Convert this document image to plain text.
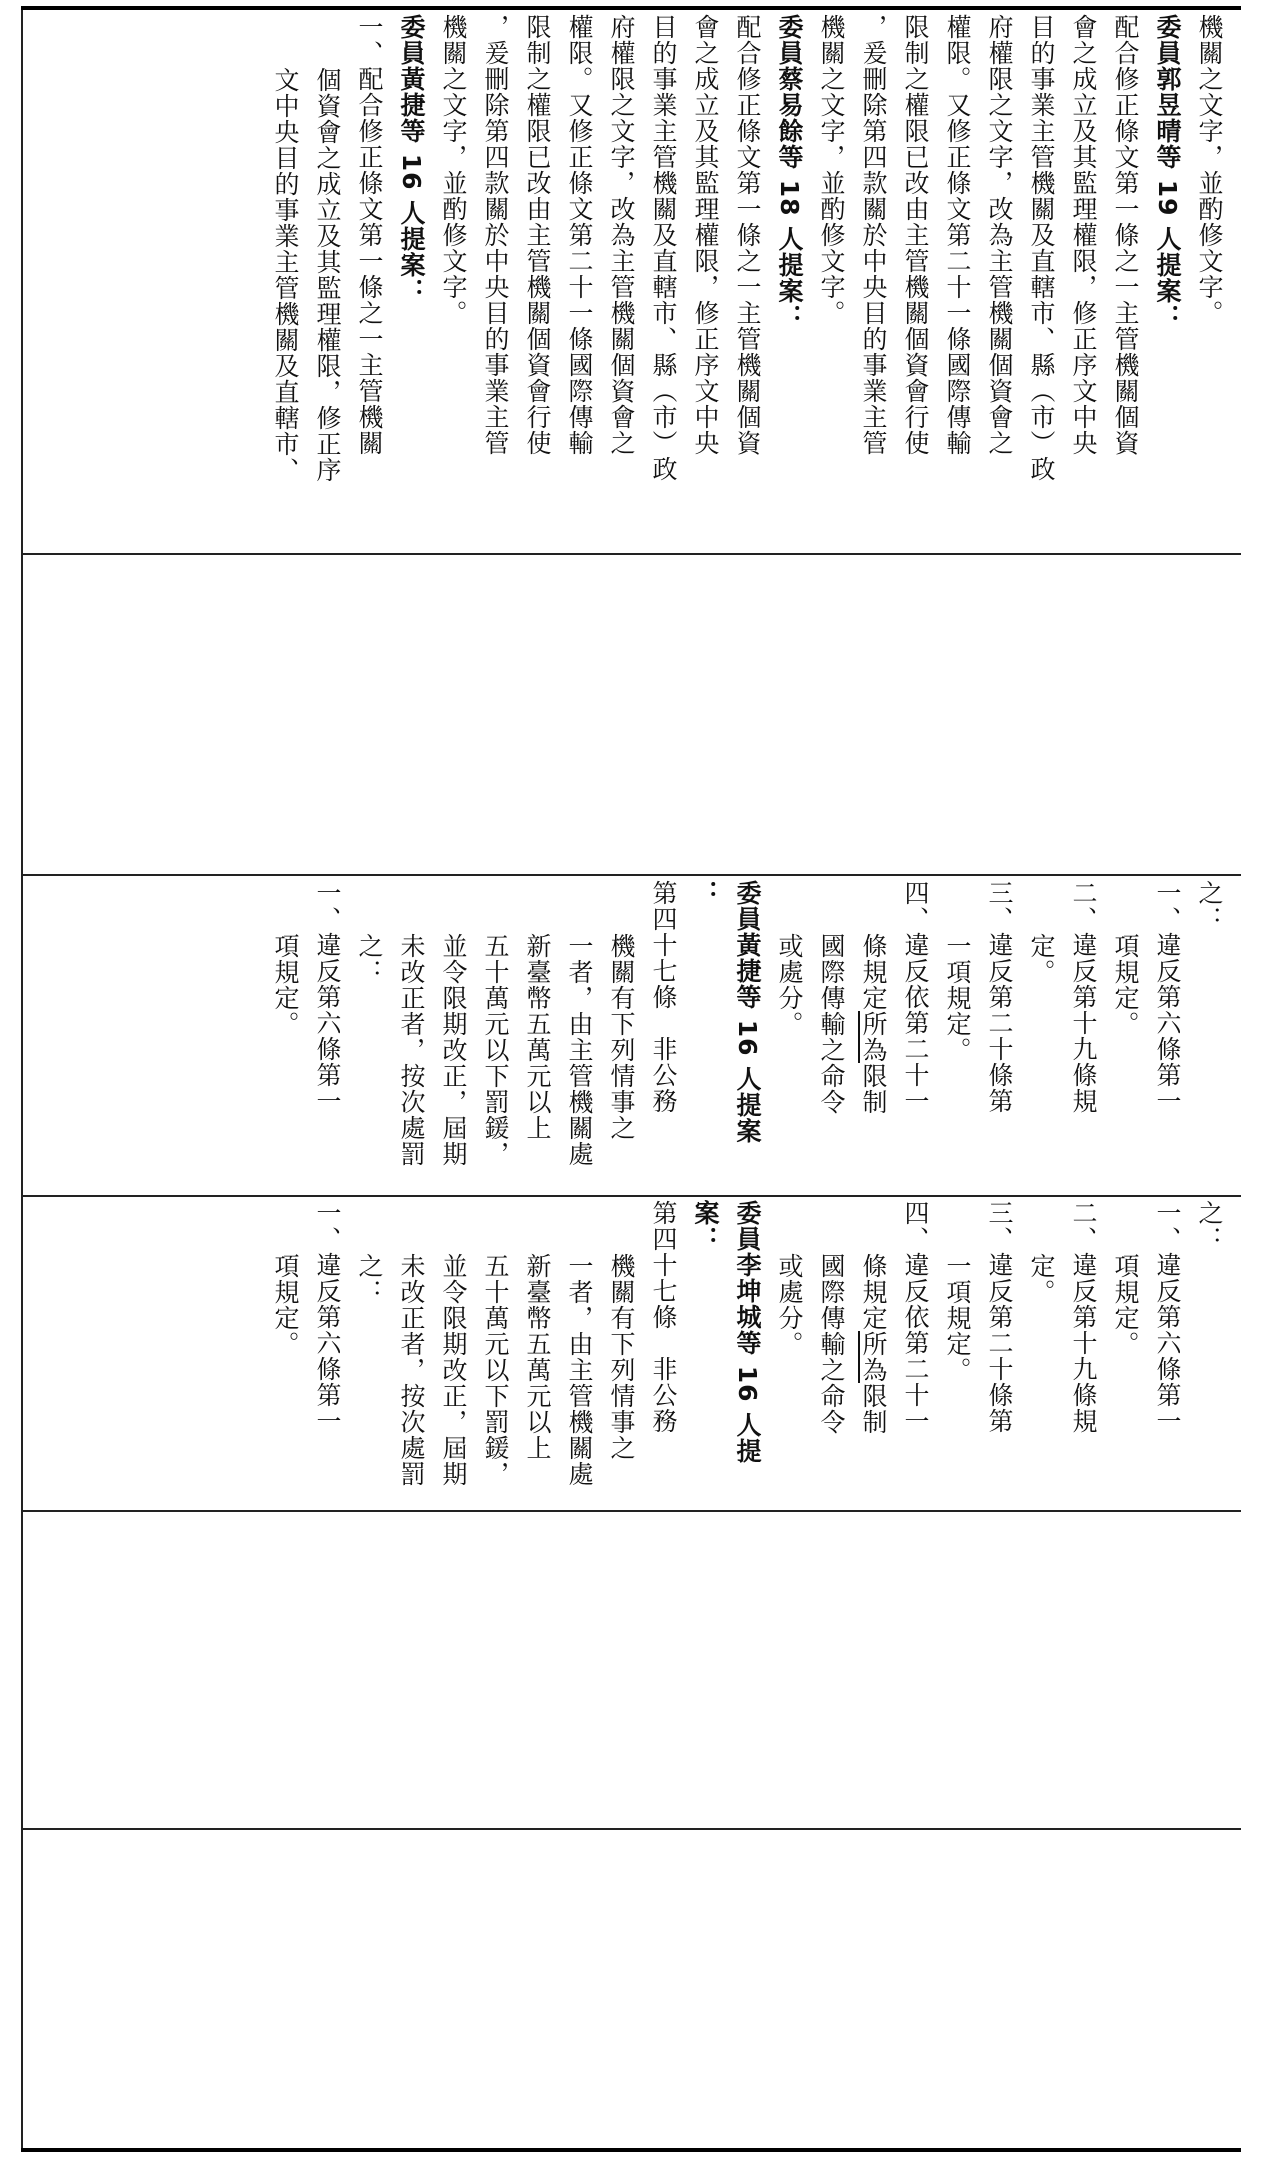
機關之文字，並酌修文字。

委員郭昱晴等 19 人提案：

配合修正條文第一條之一主管機關個資

會之成立及其監理權限，修正序文中央

目的事業主管機關及直轄市、縣（市）政

府權限之文字，改為主管機關個資會之

權限。又修正條文第二十一條國際傳輸

限制之權限已改由主管機關個資會行使

，爰刪除第四款關於中央目的事業主管

機關之文字，並酌修文字。

委員蔡易餘等 18 人提案：

配合修正條文第一條之一主管機關個資

會之成立及其監理權限，修正序文中央

目的事業主管機關及直轄市、縣（市）政

府權限之文字，改為主管機關個資會之

權限。又修正條文第二十一條國際傳輸

限制之權限已改由主管機關個資會行使

，爰刪除第四款關於中央目的事業主管

機關之文字，並酌修文字。

委員黃捷等 16 人提案：

一、配合修正條文第一條之一主管機關

個資會之成立及其監理權限，修正序

文中央目的事業主管機關及直轄市、

之：

一、違反第六條第一

項規定。

二、違反第十九條規

定。

三、違反第二十條第

一項規定。

四、違反依第二十一

條規定所為限制

國際傳輸之命令

或處分。

委員黃捷等 16 人提案

：

第四十七條　非公務

機關有下列情事之

一者，由主管機關處

新臺幣五萬元以上

五十萬元以下罰鍰，

並令限期改正，屆期

未改正者，按次處罰

之：

一、違反第六條第一

項規定。

之：

一、違反第六條第一

項規定。

二、違反第十九條規

定。

三、違反第二十條第

一項規定。

四、違反依第二十一

條規定所為限制

國際傳輸之命令

或處分。

委員李坤城等 16 人提

案：

第四十七條　非公務

機關有下列情事之

一者，由主管機關處

新臺幣五萬元以上

五十萬元以下罰鍰，

並令限期改正，屆期

未改正者，按次處罰

之：

一、違反第六條第一

項規定。
